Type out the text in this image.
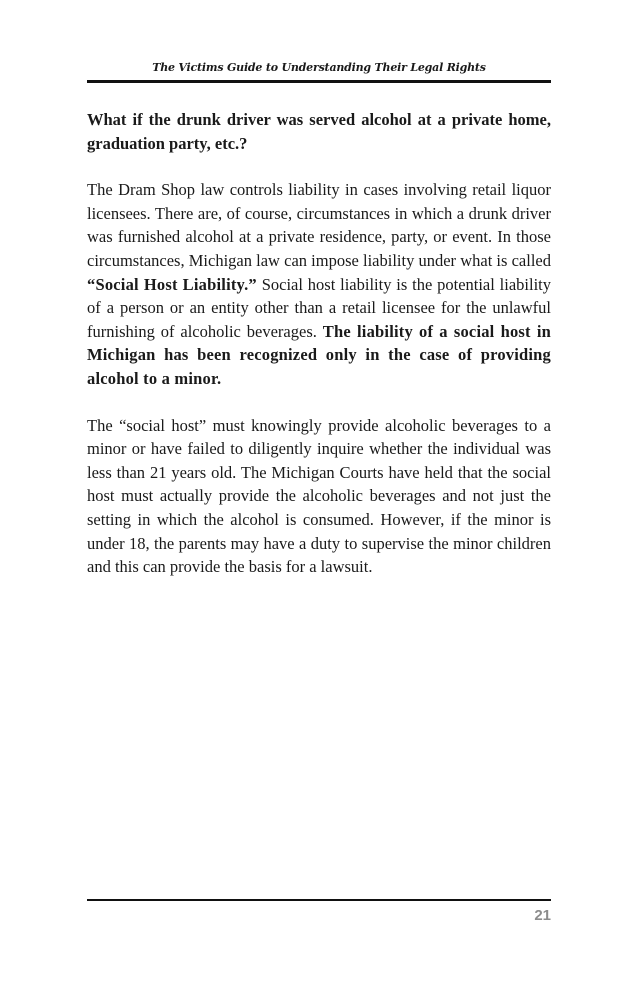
The Victims Guide to Understanding Their Legal Rights

What if the drunk driver was served alcohol at a private home, graduation party, etc.?

The Dram Shop law controls liability in cases involving retail liquor licensees. There are, of course, circumstances in which a drunk driver was furnished alcohol at a private residence, party, or event. In those circumstances, Michigan law can impose liability under what is called “Social Host Liability.” Social host liability is the potential liability of a person or an entity other than a retail licensee for the unlawful furnishing of alcoholic beverages. The liability of a social host in Michigan has been recognized only in the case of providing alcohol to a minor.

The “social host” must knowingly provide alcoholic beverages to a minor or have failed to diligently inquire whether the individual was less than 21 years old. The Michigan Courts have held that the social host must actually provide the alcoholic beverages and not just the setting in which the alcohol is consumed. However, if the minor is under 18, the parents may have a duty to supervise the minor children and this can provide the basis for a lawsuit.

21
